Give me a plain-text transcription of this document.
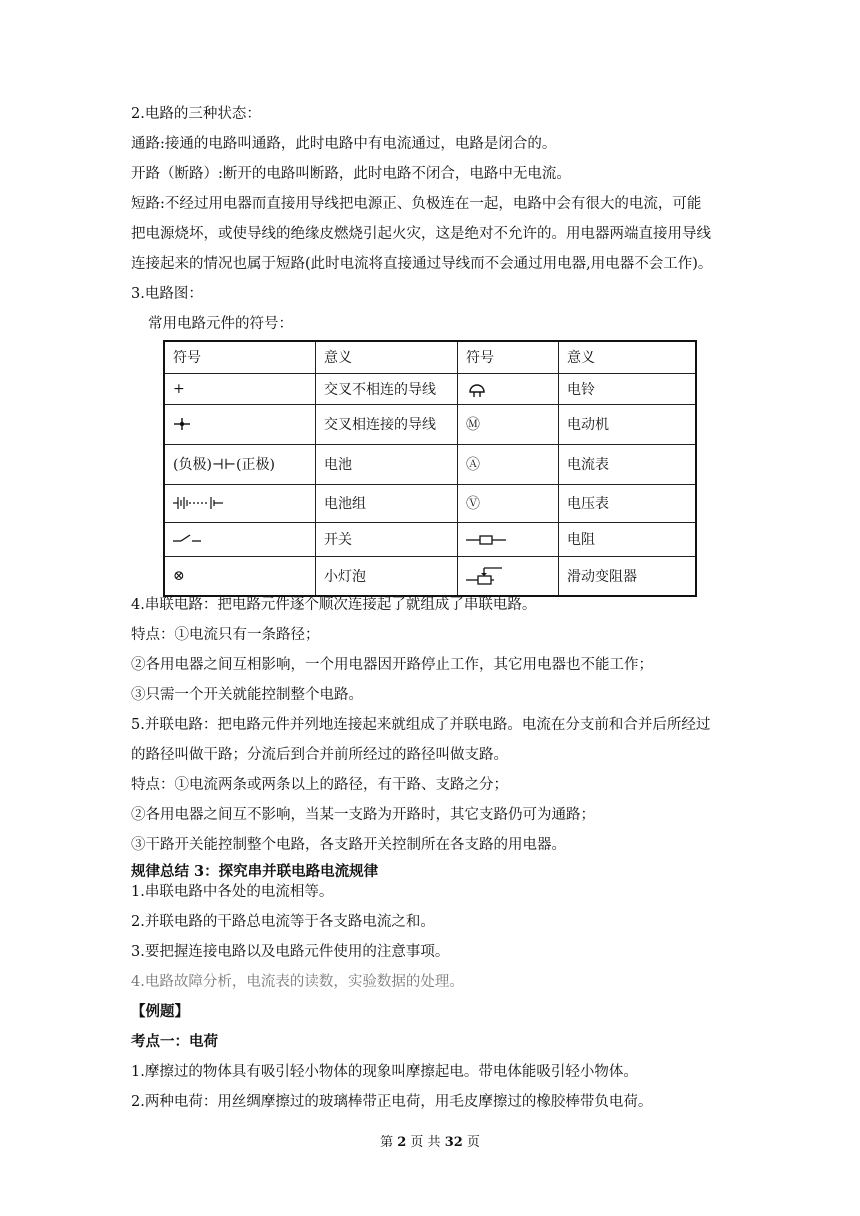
2.电路的三种状态：
通路:接通的电路叫通路，此时电路中有电流通过，电路是闭合的。
开路（断路）:断开的电路叫断路，此时电路不闭合，电路中无电流。
短路:不经过用电器而直接用导线把电源正、负极连在一起，电路中会有很大的电流，可能
把电源烧坏，或使导线的绝缘皮燃烧引起火灾，这是绝对不允许的。用电器两端直接用导线
连接起来的情况也属于短路(此时电流将直接通过导线而不会通过用电器,用电器不会工作)。
3.电路图：
常用电路元件的符号：
符号	意义	符号	意义
+	交叉不相连的导线		电铃

	交叉相连接的导线	Ⓜ	电动机
(负极)⊣⊢(正极)	电池	Ⓐ	电流表

	电池组	Ⓥ	电压表

	开关		电阻
⊗	小灯泡		滑动变阻器
4.串联电路：把电路元件逐个顺次连接起了就组成了串联电路。
特点：①电流只有一条路径；
②各用电器之间互相影响，一个用电器因开路停止工作，其它用电器也不能工作；
③只需一个开关就能控制整个电路。
5.并联电路：把电路元件并列地连接起来就组成了并联电路。电流在分支前和合并后所经过
的路径叫做干路；分流后到合并前所经过的路径叫做支路。
特点：①电流两条或两条以上的路径，有干路、支路之分；
②各用电器之间互不影响，当某一支路为开路时，其它支路仍可为通路；
③干路开关能控制整个电路，各支路开关控制所在各支路的用电器。
规律总结 3：探究串并联电路电流规律
1.串联电路中各处的电流相等。
2.并联电路的干路总电流等于各支路电流之和。
3.要把握连接电路以及电路元件使用的注意事项。
4.电路故障分析，电流表的读数，实验数据的处理。
【例题】
考点一：电荷
1.摩擦过的物体具有吸引轻小物体的现象叫摩擦起电。带电体能吸引轻小物体。
2.两种电荷：用丝绸摩擦过的玻璃棒带正电荷，用毛皮摩擦过的橡胶棒带负电荷。
第 2 页 共 32 页
